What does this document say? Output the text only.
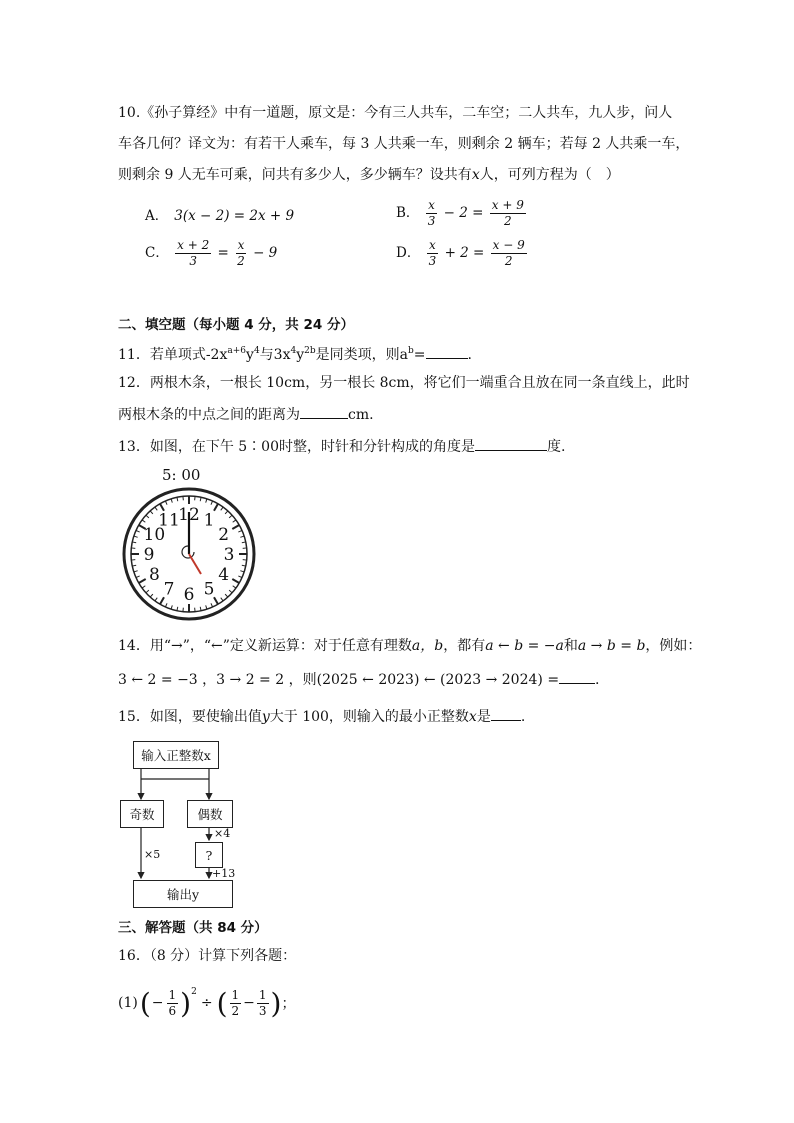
10.《孙子算经》中有一道题，原文是：今有三人共车，二车空；二人共车，九人步，问人
车各几何？译文为：有若干人乘车，每 3 人共乘一车，则剩余 2 辆车；若每 2 人共乘一车，
则剩余 9 人无车可乘，问共有多少人，多少辆车？设共有x人，可列方程为（　）
A． 3(x − 2) = 2x + 9	B． $\frac{x}{3} - 2 = \frac{x + 9}{2}$
C． $\frac{x + 2}{3} = \frac{x}{2} - 9$	D． $\frac{x}{3} + 2 = \frac{x - 9}{2}$
二、填空题（每小题 4 分，共 24 分）
11．若单项式$-2x^{a+6}y^4$与$3x^4y^{2b}$是同类项，则$a^b=$	.
12．两根木条，一根长 10cm，另一根长 8cm，将它们一端重合且放在同一条直线上，此时
两根木条的中点之间的距离为	cm.
13．如图，在下午 5∶00时整，时针和分针构成的角度是	度.
5: 00
12 1
2
3
4
5
6
7
8
9
10
11
14．用“→”，“←”定义新运算：对于任意有理数a，b，都有a ← b = −a和a → b = b，例如：
3 ← 2 = −3 ，3 → 2 = 2 ，则(2025 ← 2023) ← (2023 → 2024) =	.
15．如图，要使输出值y大于 100，则输入的最小正整数x是 .
输入正整数x
奇数	偶数
×4
?
+13
×5
输出y
三、解答题（共 84 分）
16．（8 分）计算下列各题：
(1) ( − $\frac{1}{6}$ ) 2
÷ ( $\frac{1}{2} - \frac{1}{3}$ ) ；
